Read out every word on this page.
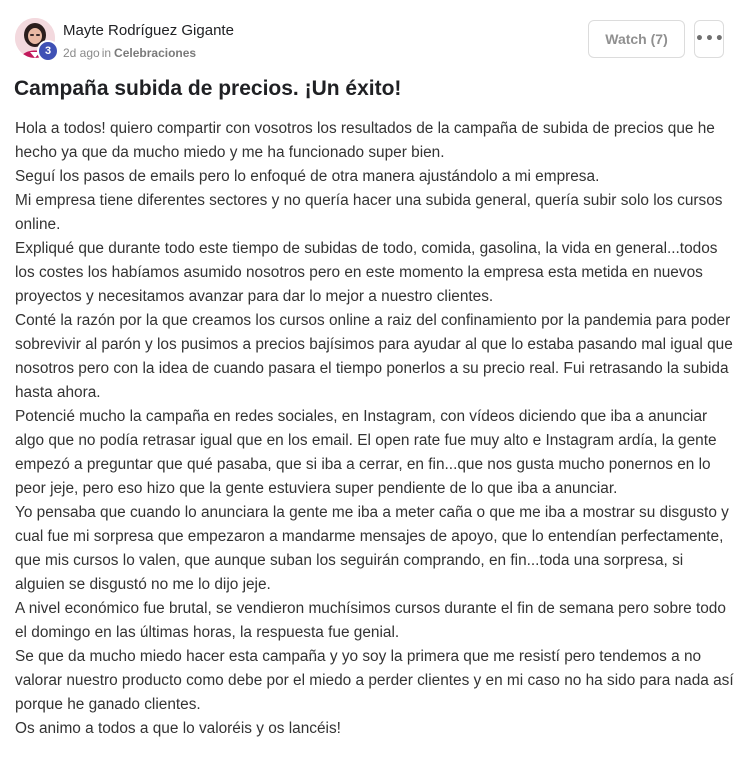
3
Mayte Rodríguez Gigante
2d ago in Celebraciones
Watch (7)	•••
Campaña subida de precios. ¡Un éxito!

Hola a todos! quiero compartir con vosotros los resultados de la campaña de subida de precios que he hecho ya que da mucho miedo y me ha funcionado super bien.

Seguí los pasos de emails pero lo enfoqué de otra manera ajustándolo a mi empresa.

Mi empresa tiene diferentes sectores y no quería hacer una subida general, quería subir solo los cursos online.

Expliqué que durante todo este tiempo de subidas de todo, comida, gasolina, la vida en general...todos los costes los habíamos asumido nosotros pero en este momento la empresa esta metida en nuevos proyectos y necesitamos avanzar para dar lo mejor a nuestro clientes.

Conté la razón por la que creamos los cursos online a raiz del confinamiento por la pandemia para poder sobrevivir al parón y los pusimos a precios bajísimos para ayudar al que lo estaba pasando mal igual que nosotros pero con la idea de cuando pasara el tiempo ponerlos a su precio real. Fui retrasando la subida hasta ahora.

Potencié mucho la campaña en redes sociales, en Instagram, con vídeos diciendo que iba a anunciar algo que no podía retrasar igual que en los email. El open rate fue muy alto e Instagram ardía, la gente empezó a preguntar que qué pasaba, que si iba a cerrar, en fin...que nos gusta mucho ponernos en lo peor jeje, pero eso hizo que la gente estuviera super pendiente de lo que iba a anunciar.

Yo pensaba que cuando lo anunciara la gente me iba a meter caña o que me iba a mostrar su disgusto y cual fue mi sorpresa que empezaron a mandarme mensajes de apoyo, que lo entendían perfectamente, que mis cursos lo valen, que aunque suban los seguirán comprando, en fin...toda una sorpresa, si alguien se disgustó no me lo dijo jeje.

A nivel económico fue brutal, se vendieron muchísimos cursos durante el fin de semana pero sobre todo el domingo en las últimas horas, la respuesta fue genial.

Se que da mucho miedo hacer esta campaña y yo soy la primera que me resistí pero tendemos a no valorar nuestro producto como debe por el miedo a perder clientes y en mi caso no ha sido para nada así porque he ganado clientes.

Os animo a todos a que lo valoréis y os lancéis!
